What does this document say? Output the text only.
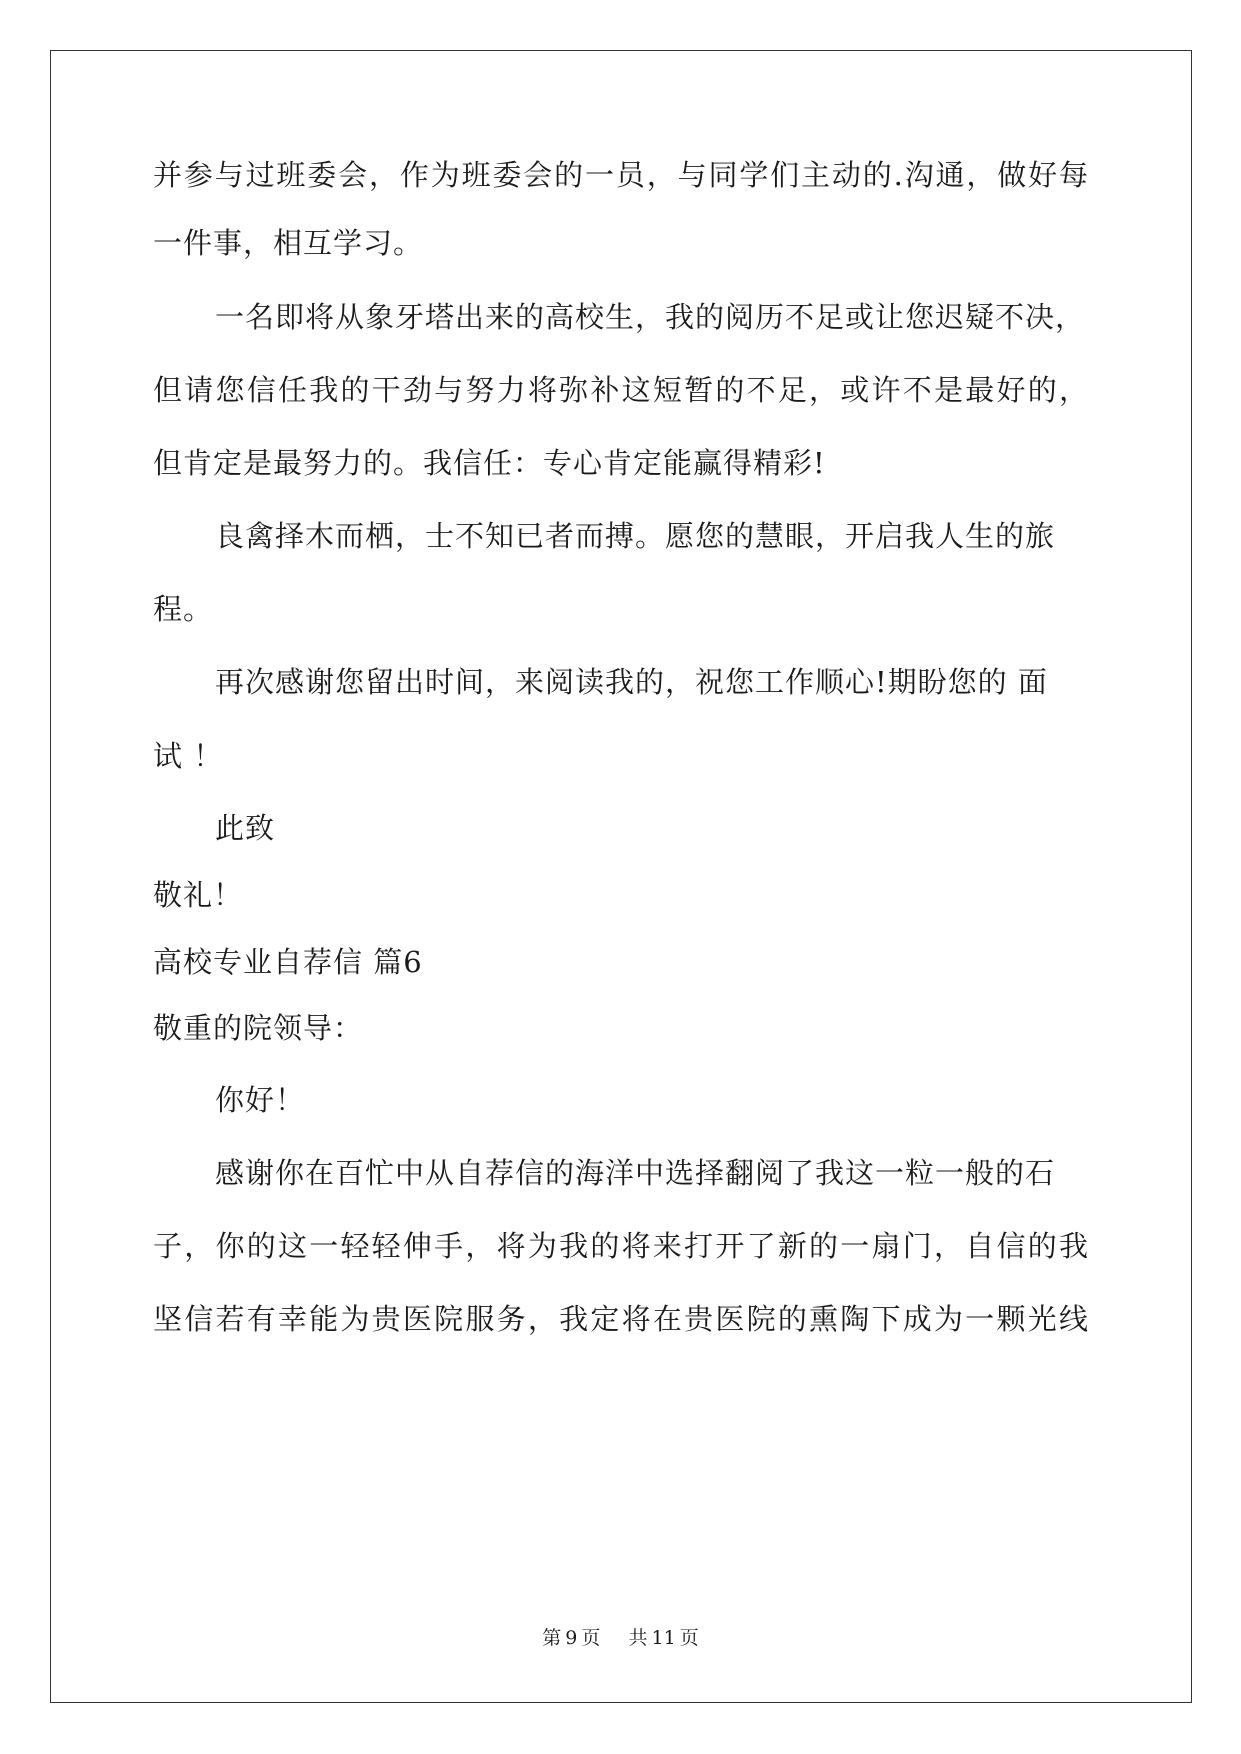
并参与过班委会，作为班委会的一员，与同学们主动的.沟通，做好每
一件事，相互学习。
一名即将从象牙塔出来的高校生，我的阅历不足或让您迟疑不决，
但请您信任我的干劲与努力将弥补这短暂的不足，或许不是最好的，
但肯定是最努力的。我信任：专心肯定能赢得精彩!
良禽择木而栖，士不知已者而搏。愿您的慧眼，开启我人生的旅
程。
再次感谢您留出时间，来阅读我的，祝您工作顺心!期盼您的 面
试 ！
此致
敬礼！
高校专业自荐信 篇6
敬重的院领导：
你好！
感谢你在百忙中从自荐信的海洋中选择翻阅了我这一粒一般的石
子，你的这一轻轻伸手，将为我的将来打开了新的一扇门，自信的我
坚信若有幸能为贵医院服务，我定将在贵医院的熏陶下成为一颗光线
第 9 页 共 11 页
